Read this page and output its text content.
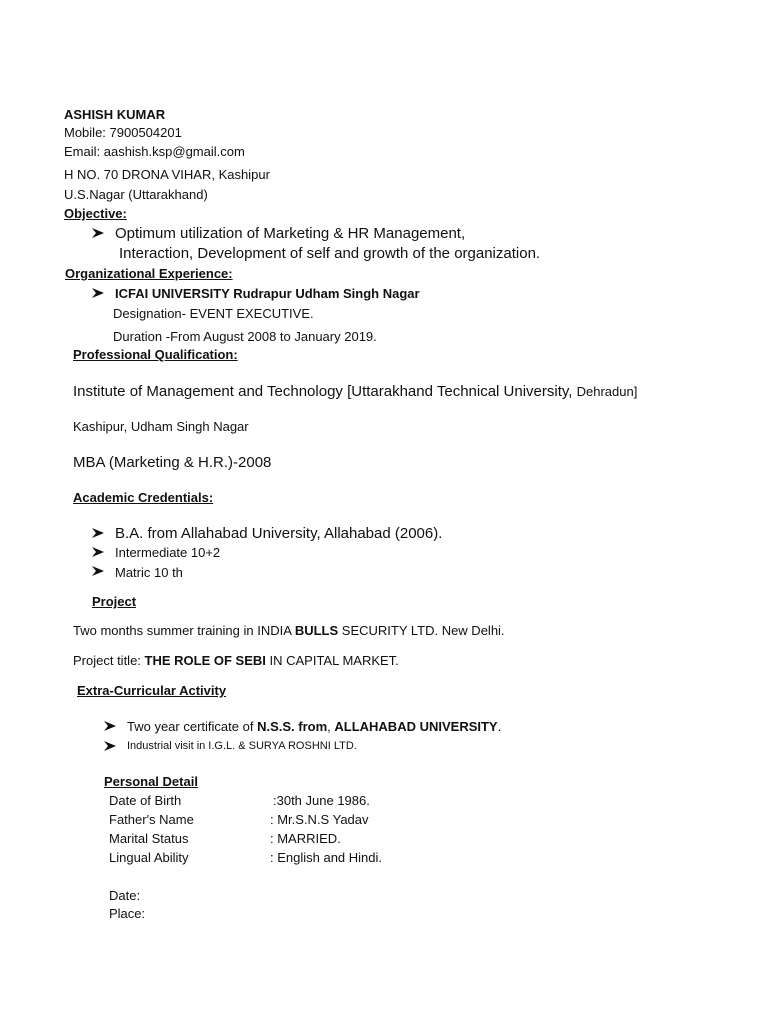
ASHISH KUMAR
Mobile: 7900504201
Email: aashish.ksp@gmail.com
H NO. 70 DRONA VIHAR, Kashipur
U.S.Nagar (Uttarakhand)
Objective:
Optimum utilization of Marketing & HR Management,
Interaction, Development of self and growth of the organization.
Organizational Experience:
ICFAI UNIVERSITY Rudrapur Udham Singh Nagar
Designation- EVENT EXECUTIVE.
Duration -From August 2008 to January 2019.
Professional Qualification:
Institute of Management and Technology [Uttarakhand Technical University, Dehradun]
Kashipur, Udham Singh Nagar
MBA (Marketing & H.R.)-2008
Academic Credentials:
B.A. from Allahabad University, Allahabad (2006).
Intermediate 10+2
Matric 10 th
Project
Two months summer training in INDIA BULLS SECURITY LTD. New Delhi.
Project title: THE ROLE OF SEBI IN CAPITAL MARKET.
Extra-Curricular Activity
Two year certificate of N.S.S. from, ALLAHABAD UNIVERSITY.
Industrial visit in I.G.L. & SURYA ROSHNI LTD.
Personal Detail
Date of Birth	:30th June 1986.
Father's Name	: Mr.S.N.S Yadav
Marital Status	: MARRIED.
Lingual Ability	: English and Hindi.
Date:
Place:
